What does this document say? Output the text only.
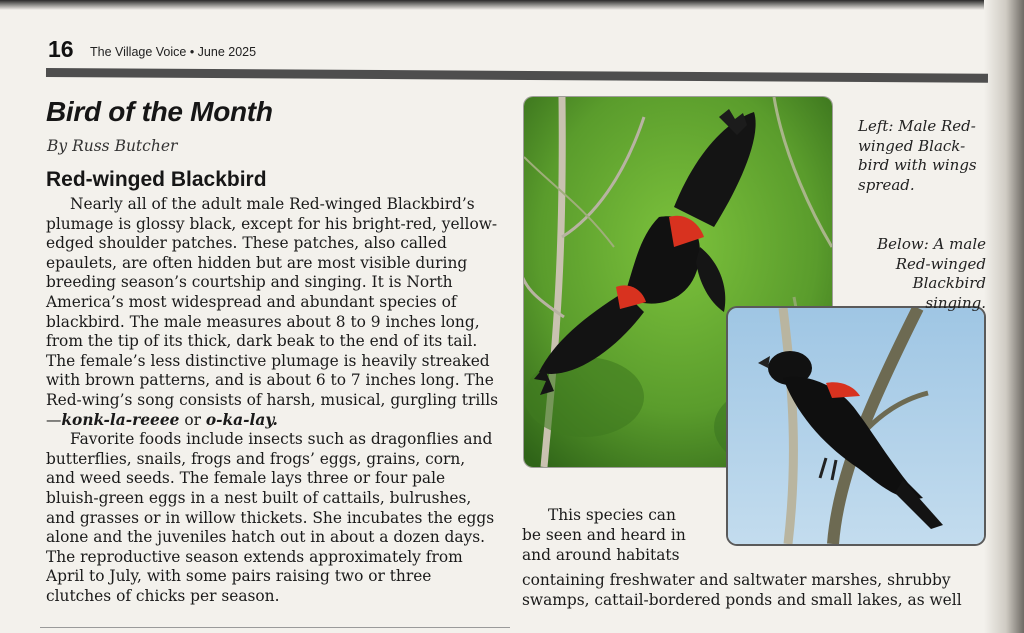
16 The Village Voice • June 2025
Bird of the Month
By Russ Butcher
Red-winged Blackbird

Nearly all of the adult male Red-winged Blackbird’s plumage is glossy black, except for his bright-red, yellow-edged shoulder patches. These patches, also called epaulets, are often hidden but are most visible during breeding season’s courtship and singing. It is North America’s most widespread and abundant species of blackbird. The male measures about 8 to 9 inches long, from the tip of its thick, dark beak to the end of its tail. The female’s less distinctive plumage is heavily streaked with brown patterns, and is about 6 to 7 inches long. The Red-wing’s song consists of harsh, musical, gurgling trills—konk-la-reeee or o-ka-lay.

Favorite foods include insects such as dragonflies and butterflies, snails, frogs and frogs’ eggs, grains, corn, and weed seeds. The female lays three or four pale bluish-green eggs in a nest built of cattails, bulrushes, and grasses or in willow thickets. She incubates the eggs alone and the juveniles hatch out in about a dozen days. The reproductive season extends approximately from April to July, with some pairs raising two or three clutches of chicks per season.

Left: Male Red-winged Black-bird with wings spread.
Below: A male Red-winged Blackbird singing.
This species can
be seen and heard in
and around habitats
containing freshwater and saltwater marshes, shrubby
swamps, cattail-bordered ponds and small lakes, as well
